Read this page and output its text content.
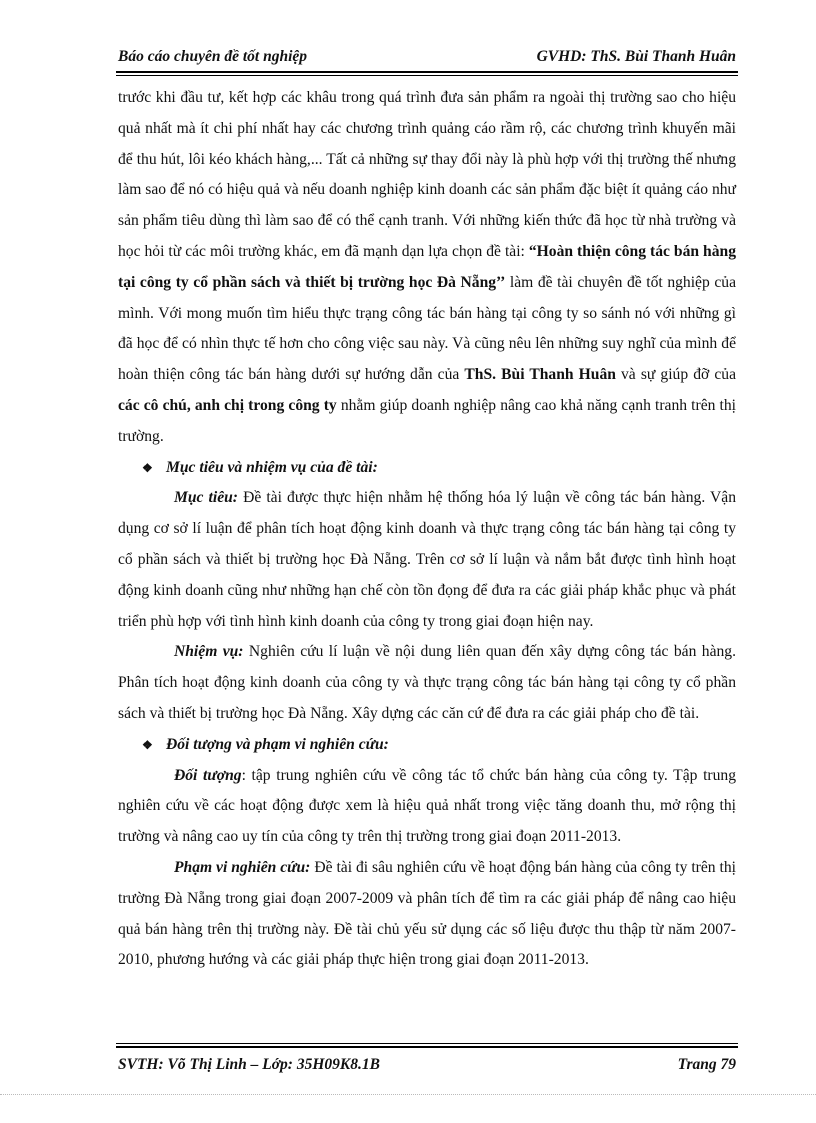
Báo cáo chuyên đề tốt nghiệp	GVHD: ThS. Bùi Thanh Huân

trước khi đầu tư, kết hợp các khâu trong quá trình đưa sản phẩm ra ngoài thị trường sao cho hiệu quả nhất mà ít chi phí nhất hay các chương trình quảng cáo rầm rộ, các chương trình khuyến mãi để thu hút, lôi kéo khách hàng,... Tất cả những sự thay đổi này là phù hợp với thị trường thế nhưng làm sao để nó có hiệu quả và nếu doanh nghiệp kinh doanh các sản phẩm đặc biệt ít quảng cáo như sản phẩm tiêu dùng thì làm sao để có thể cạnh tranh. Với những kiến thức đã học từ nhà trường và học hỏi từ các môi trường khác, em đã mạnh dạn lựa chọn đề tài: “Hoàn thiện công tác bán hàng tại công ty cổ phần sách và thiết bị trường học Đà Nẵng’’ làm đề tài chuyên đề tốt nghiệp của mình. Với mong muốn tìm hiểu thực trạng công tác bán hàng tại công ty so sánh nó với những gì đã học để có nhìn thực tế hơn cho công việc sau này. Và cũng nêu lên những suy nghĩ của mình để hoàn thiện công tác bán hàng dưới sự hướng dẫn của ThS. Bùi Thanh Huân và sự giúp đỡ của các cô chú, anh chị trong công ty nhằm giúp doanh nghiệp nâng cao khả năng cạnh tranh trên thị trường.

❖ Mục tiêu và nhiệm vụ của đề tài:

Mục tiêu: Đề tài được thực hiện nhằm hệ thống hóa lý luận về công tác bán hàng. Vận dụng cơ sở lí luận để phân tích hoạt động kinh doanh và thực trạng công tác bán hàng tại công ty cổ phần sách và thiết bị trường học Đà Nẵng. Trên cơ sở lí luận và nắm bắt được tình hình hoạt động kinh doanh cũng như những hạn chế còn tồn đọng để đưa ra các giải pháp khắc phục và phát triển phù hợp với tình hình kinh doanh của công ty trong giai đoạn hiện nay.

Nhiệm vụ: Nghiên cứu lí luận về nội dung liên quan đến xây dựng công tác bán hàng. Phân tích hoạt động kinh doanh của công ty và thực trạng công tác bán hàng tại công ty cổ phần sách và thiết bị trường học Đà Nẵng. Xây dựng các căn cứ để đưa ra các giải pháp cho đề tài.

❖ Đối tượng và phạm vi nghiên cứu:

Đối tượng: tập trung nghiên cứu về công tác tổ chức bán hàng của công ty. Tập trung nghiên cứu về các hoạt động được xem là hiệu quả nhất trong việc tăng doanh thu, mở rộng thị trường và nâng cao uy tín của công ty trên thị trường trong giai đoạn 2011-2013.

Phạm vi nghiên cứu: Đề tài đi sâu nghiên cứu về hoạt động bán hàng của công ty trên thị trường Đà Nẵng trong giai đoạn 2007-2009 và phân tích để tìm ra các giải pháp để nâng cao hiệu quả bán hàng trên thị trường này. Đề tài chủ yếu sử dụng các số liệu được thu thập từ năm 2007-2010, phương hướng và các giải pháp thực hiện trong giai đoạn 2011-2013.

SVTH: Võ Thị Linh – Lớp: 35H09K8.1B	Trang 79
